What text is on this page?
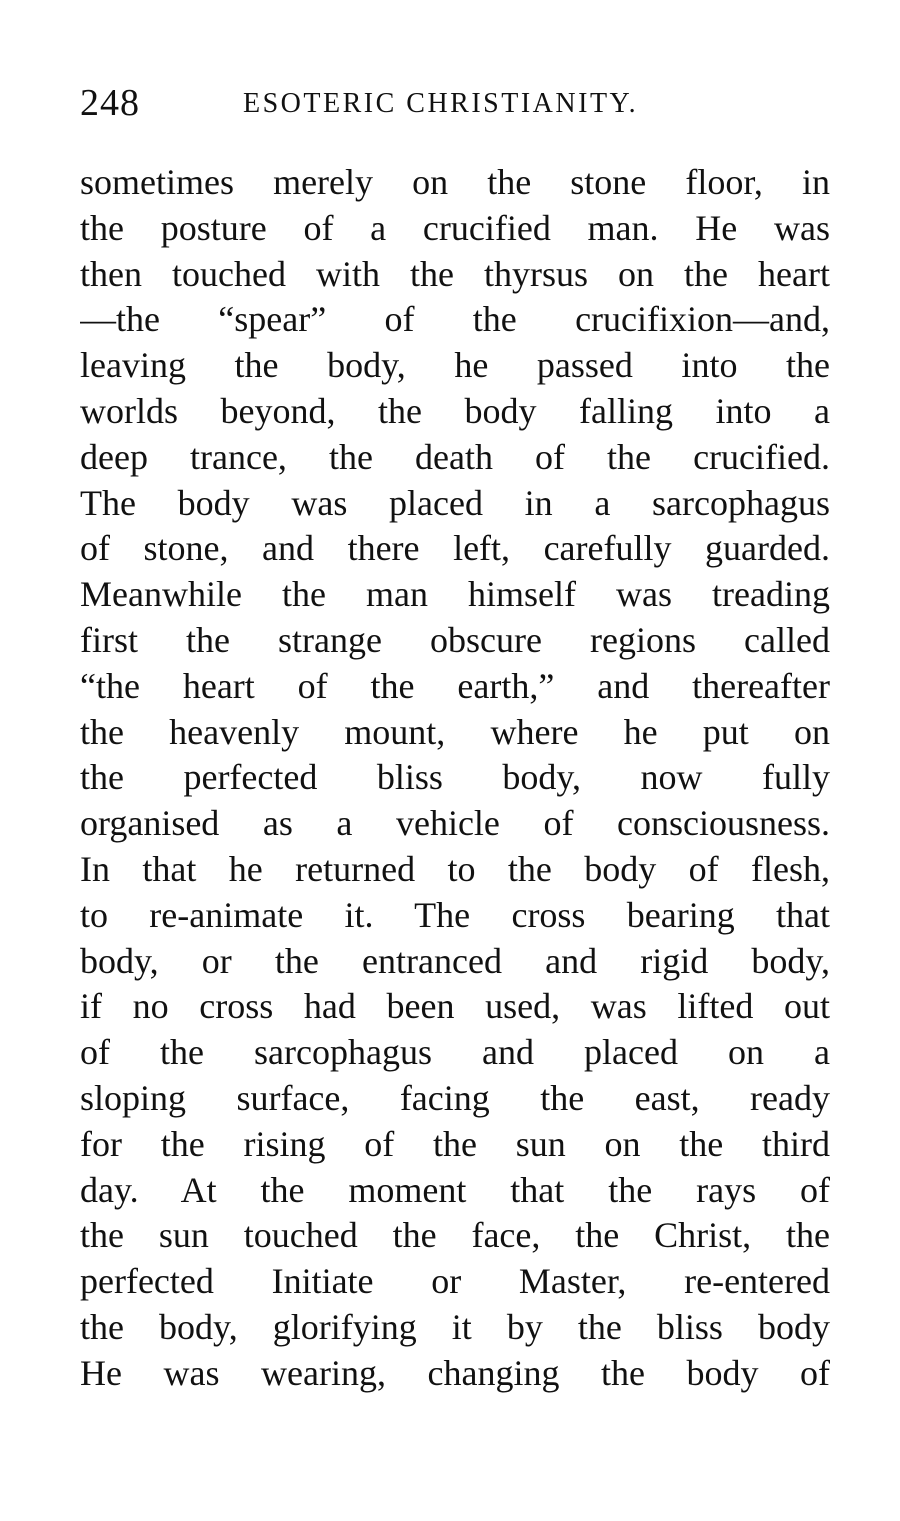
248	ESOTERIC CHRISTIANITY.
sometimes merely on the stone floor, in
the posture of a crucified man. He was
then touched with the thyrsus on the heart
—the “spear” of the crucifixion—and,
leaving the body, he passed into the
worlds beyond, the body falling into a
deep trance, the death of the crucified.
The body was placed in a sarcophagus
of stone, and there left, carefully guarded.
Meanwhile the man himself was treading
first the strange obscure regions called
“the heart of the earth,” and thereafter
the heavenly mount, where he put on
the perfected bliss body, now fully
organised as a vehicle of consciousness.
In that he returned to the body of flesh,
to re-animate it. The cross bearing that
body, or the entranced and rigid body,
if no cross had been used, was lifted out
of the sarcophagus and placed on a
sloping surface, facing the east, ready
for the rising of the sun on the third
day. At the moment that the rays of
the sun touched the face, the Christ, the
perfected Initiate or Master, re-entered
the body, glorifying it by the bliss body
He was wearing, changing the body of
